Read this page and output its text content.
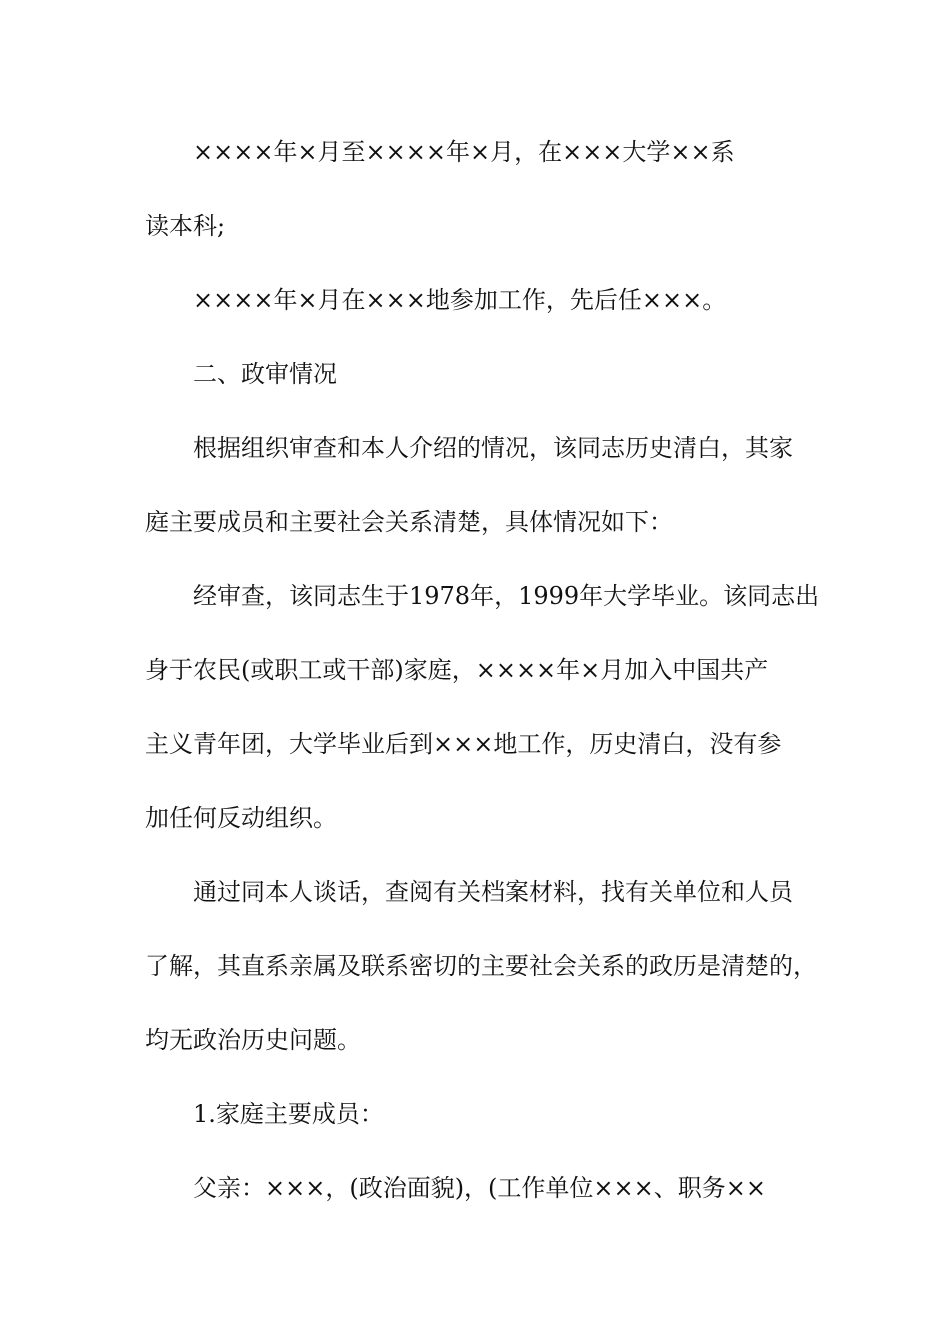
××××年×月至××××年×月，在×××大学××系

读本科;

××××年×月在×××地参加工作，先后任×××。

二、政审情况

根据组织审查和本人介绍的情况，该同志历史清白，其家

庭主要成员和主要社会关系清楚，具体情况如下：

经审查，该同志生于1978年，1999年大学毕业。该同志出

身于农民(或职工或干部)家庭，××××年×月加入中国共产

主义青年团，大学毕业后到×××地工作，历史清白，没有参

加任何反动组织。

通过同本人谈话，查阅有关档案材料，找有关单位和人员

了解，其直系亲属及联系密切的主要社会关系的政历是清楚的，

均无政治历史问题。

1.家庭主要成员：

父亲：×××，(政治面貌)，(工作单位×××、职务××
